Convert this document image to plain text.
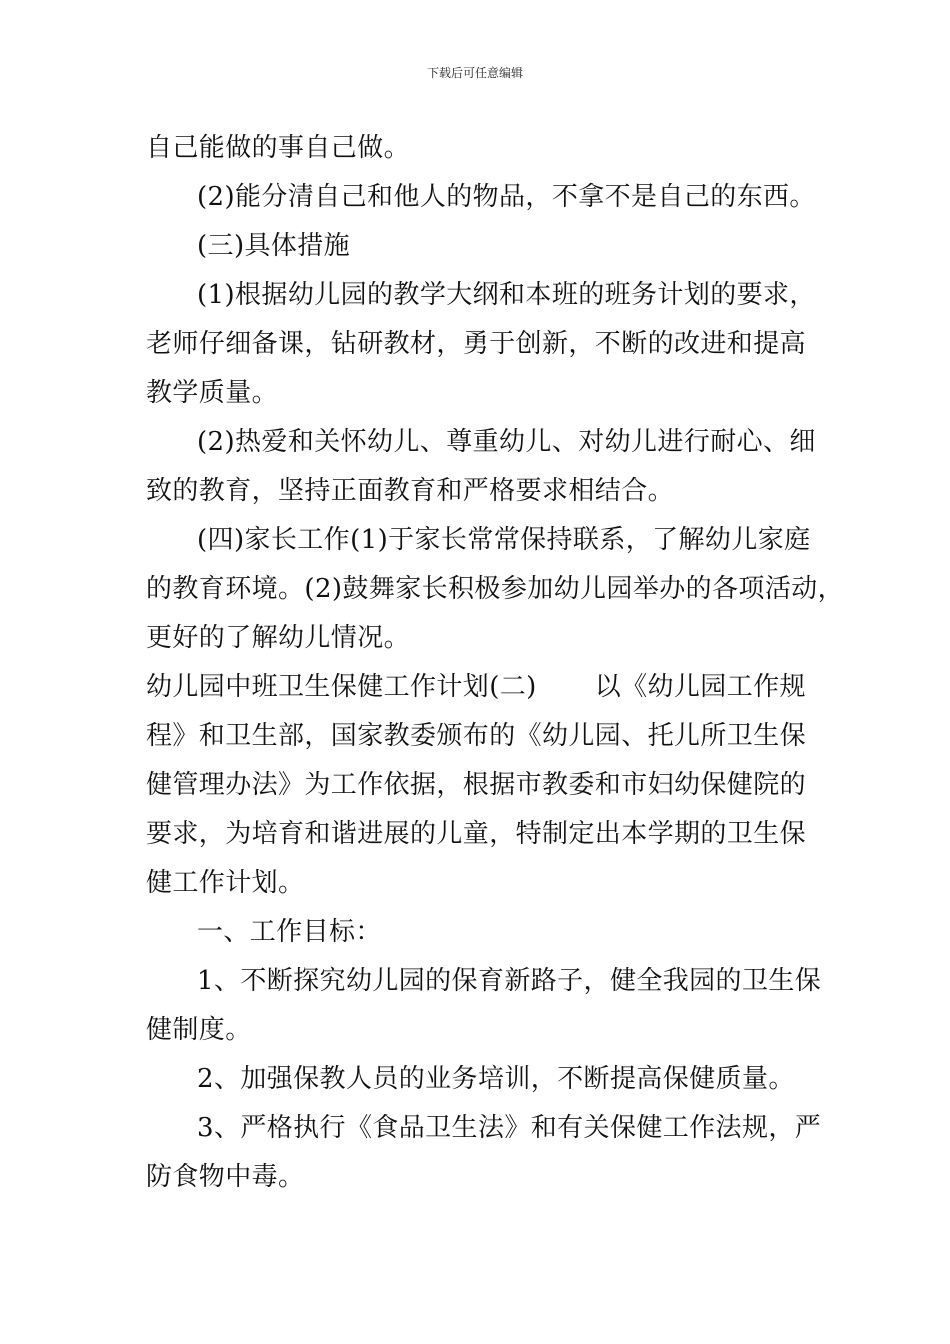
下载后可任意编辑
自己能做的事自己做。
(2)能分清自己和他人的物品，不拿不是自己的东西。
(三)具体措施
(1)根据幼儿园的教学大纲和本班的班务计划的要求，
老师仔细备课，钻研教材，勇于创新，不断的改进和提高
教学质量。
(2)热爱和关怀幼儿、尊重幼儿、对幼儿进行耐心、细
致的教育，坚持正面教育和严格要求相结合。
(四)家长工作(1)于家长常常保持联系，了解幼儿家庭
的教育环境。(2)鼓舞家长积极参加幼儿园举办的各项活动，
更好的了解幼儿情况。
幼儿园中班卫生保健工作计划(二) 以《幼儿园工作规
程》和卫生部，国家教委颁布的《幼儿园、托儿所卫生保
健管理办法》为工作依据，根据市教委和市妇幼保健院的
要求，为培育和谐进展的儿童，特制定出本学期的卫生保
健工作计划。
一、工作目标：
1、不断探究幼儿园的保育新路子，健全我园的卫生保
健制度。
2、加强保教人员的业务培训，不断提高保健质量。
3、严格执行《食品卫生法》和有关保健工作法规，严
防食物中毒。
